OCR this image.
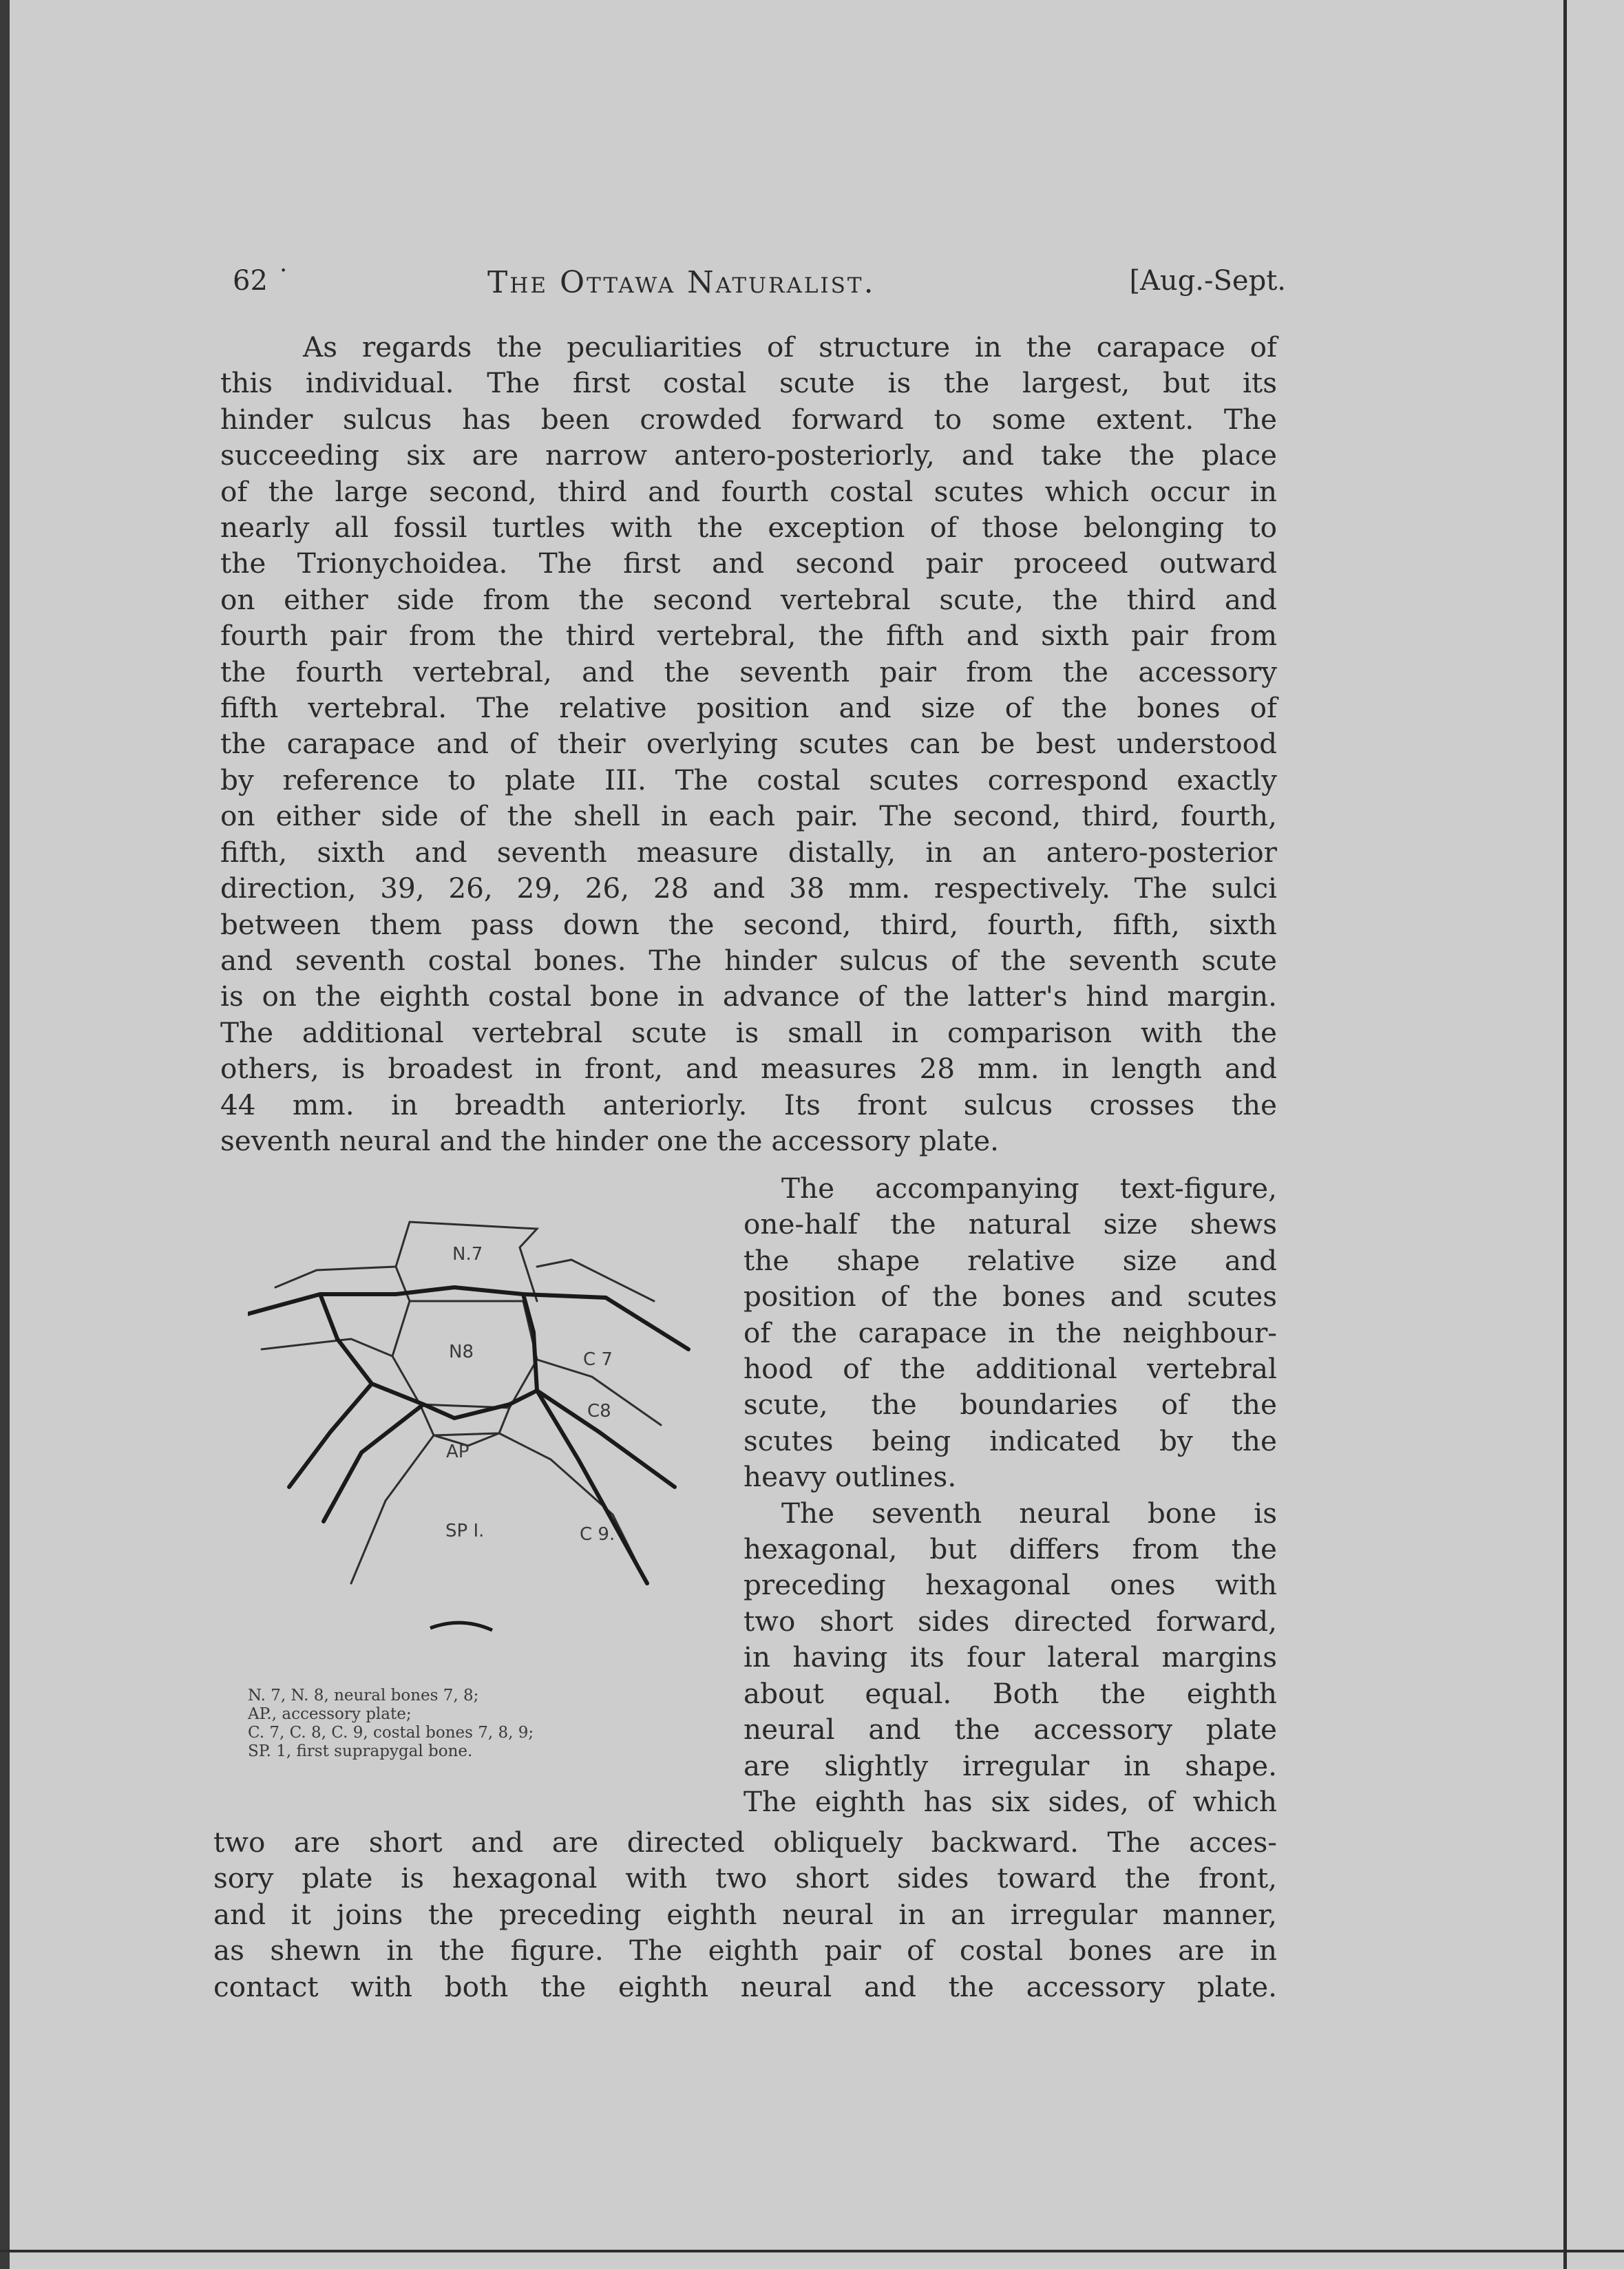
62 ˙	The Ottawa Naturalist.	[Aug.-Sept.
As regards the peculiarities of structure in the carapace of
this individual. The first costal scute is the largest, but its
hinder sulcus has been crowded forward to some extent. The
succeeding six are narrow antero-posteriorly, and take the place
of the large second, third and fourth costal scutes which occur in
nearly all fossil turtles with the exception of those belonging to
the Trionychoidea. The first and second pair proceed outward
on either side from the second vertebral scute, the third and
fourth pair from the third vertebral, the fifth and sixth pair from
the fourth vertebral, and the seventh pair from the accessory
fifth vertebral. The relative position and size of the bones of
the carapace and of their overlying scutes can be best understood
by reference to plate III. The costal scutes correspond exactly
on either side of the shell in each pair. The second, third, fourth,
fifth, sixth and seventh measure distally, in an antero-posterior
direction, 39, 26, 29, 26, 28 and 38 mm. respectively. The sulci
between them pass down the second, third, fourth, fifth, sixth
and seventh costal bones. The hinder sulcus of the seventh scute
is on the eighth costal bone in advance of the latter's hind margin.
The additional vertebral scute is small in comparison with the
others, is broadest in front, and measures 28 mm. in length and
44 mm. in breadth anteriorly. Its front sulcus crosses the
seventh neural and the hinder one the accessory plate.
N.7
N8	C 7
C8
AP
SP I.	C 9.
N. 7, N. 8, neural bones 7, 8;
AP., accessory plate;
C. 7, C. 8, C. 9, costal bones 7, 8, 9;
SP. 1, first suprapygal bone.
The accompanying text-figure,
one-half the natural size shews
the shape relative size and
position of the bones and scutes
of the carapace in the neighbour-
hood of the additional vertebral
scute, the boundaries of the
scutes being indicated by the
heavy outlines.
The seventh neural bone is
hexagonal, but differs from the
preceding hexagonal ones with
two short sides directed forward,
in having its four lateral margins
about equal. Both the eighth
neural and the accessory plate
are slightly irregular in shape.
The eighth has six sides, of which
two are short and are directed obliquely backward. The acces-
sory plate is hexagonal with two short sides toward the front,
and it joins the preceding eighth neural in an irregular manner,
as shewn in the figure. The eighth pair of costal bones are in
contact with both the eighth neural and the accessory plate.
